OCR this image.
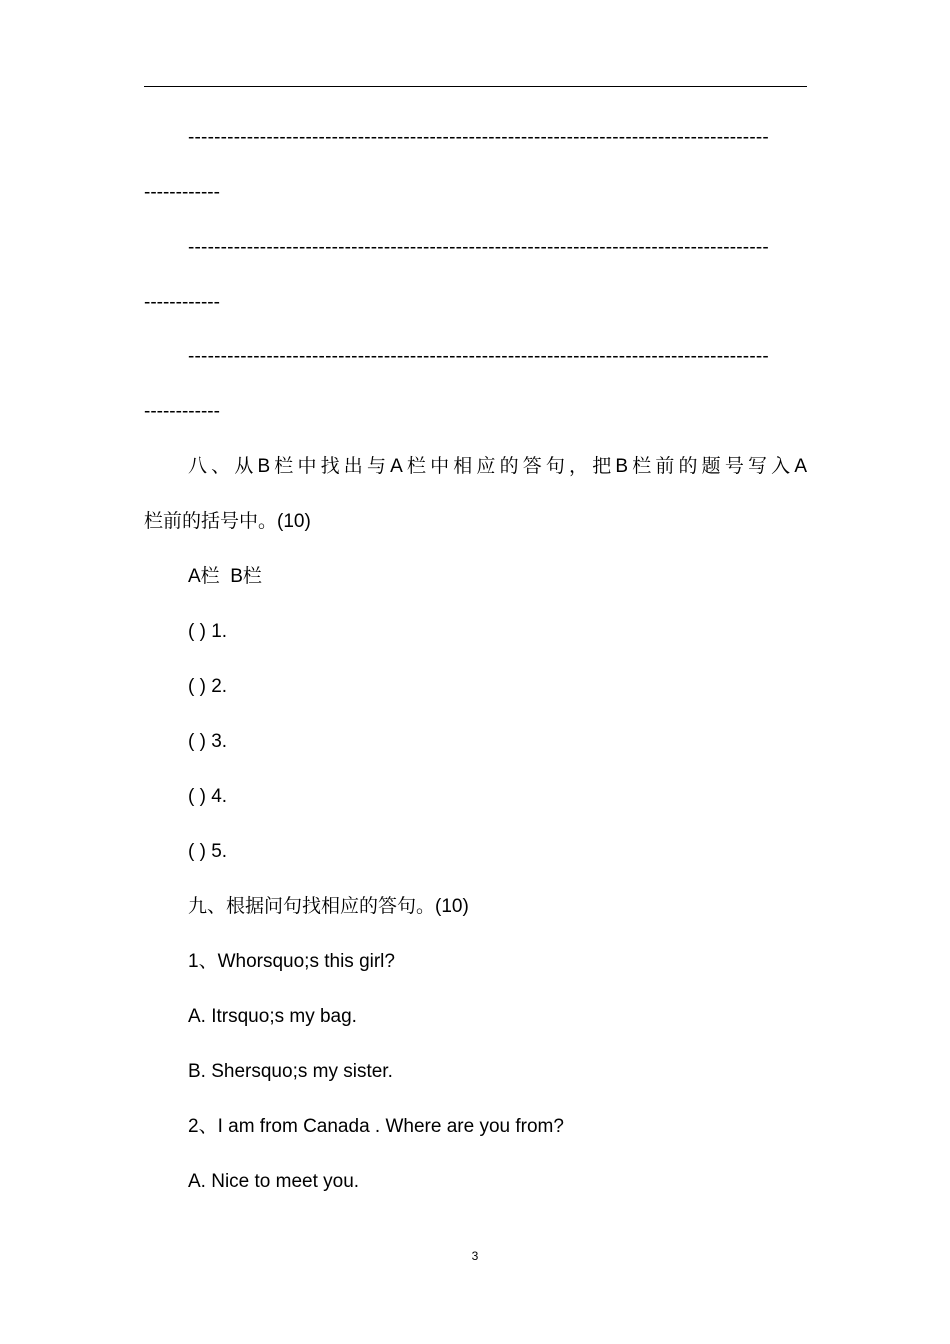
-----------------------------------------------------------------------------------------
------------
-----------------------------------------------------------------------------------------
------------
-----------------------------------------------------------------------------------------
------------
八、从B栏中找出与A栏中相应的答句，把B栏前的题号写入A
栏前的括号中。(10)
A栏  B栏
( ) 1.
( ) 2.
( ) 3.
( ) 4.
( ) 5.
九、根据问句找相应的答句。(10)
1、Whorsquo;s this girl?
A. Itrsquo;s my bag.
B. Shersquo;s my sister.
2、I am from Canada . Where are you from?
A. Nice to meet you.
3
